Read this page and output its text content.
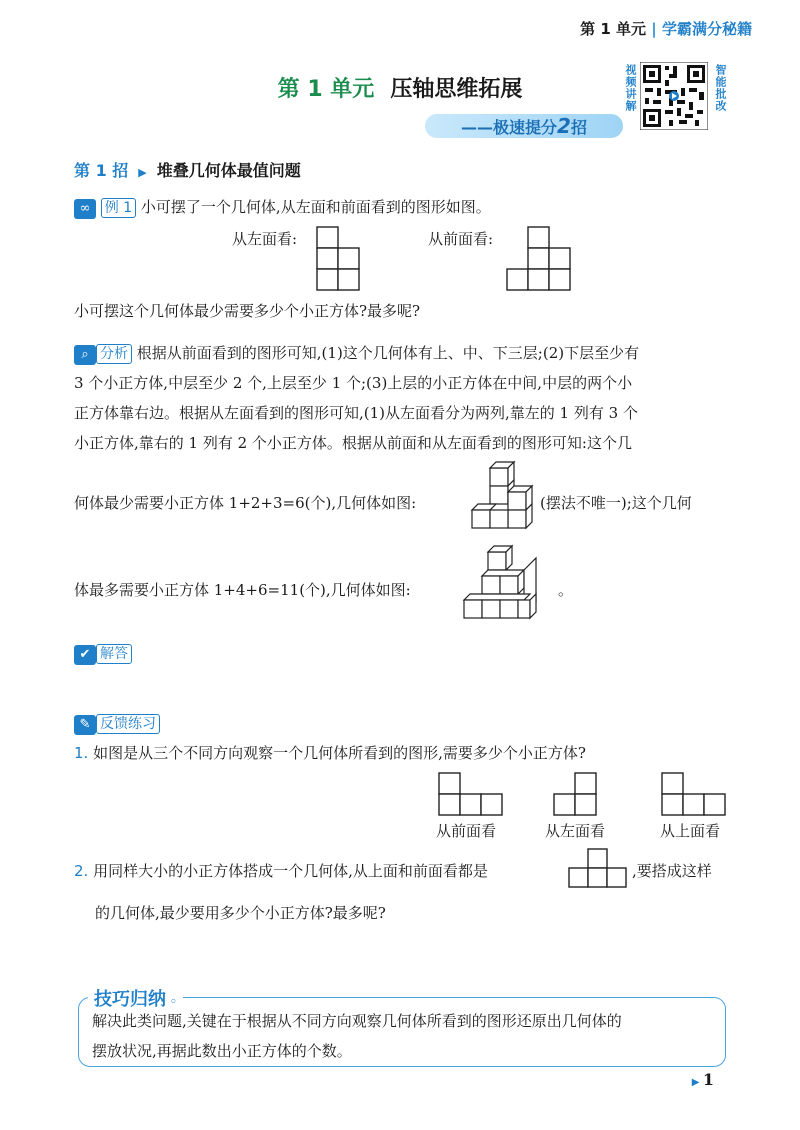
第 1 单元 | 学霸满分秘籍
第 1 单元 压轴思维拓展
——极速提分2招
视频讲解	智能批改
第 1 招 ▶ 堆叠几何体最值问题
∞ 例 1 小可摆了一个几何体,从左面和前面看到的图形如图。
从左面看:	从前面看:
小可摆这个几何体最少需要多少个小正方体?最多呢?
⌕ 分析 根据从前面看到的图形可知,(1)这个几何体有上、中、下三层;(2)下层至少有
3 个小正方体,中层至少 2 个,上层至少 1 个;(3)上层的小正方体在中间,中层的两个小
正方体靠右边。根据从左面看到的图形可知,(1)从左面看分为两列,靠左的 1 列有 3 个
小正方体,靠右的 1 列有 2 个小正方体。根据从前面和从左面看到的图形可知:这个几
何体最少需要小正方体 1+2+3=6(个),几何体如图:	(摆法不唯一);这个几何
体最多需要小正方体 1+4+6=11(个),几何体如图:	。
✔ 解答
✎ 反馈练习
1. 如图是从三个不同方向观察一个几何体所看到的图形,需要多少个小正方体?
从前面看	从左面看	从上面看
2. 用同样大小的小正方体搭成一个几何体,从上面和前面看都是	,要搭成这样
的几何体,最少要用多少个小正方体?最多呢?
技巧归纳 ◦
解决此类问题,关键在于根据从不同方向观察几何体所看到的图形还原出几何体的
摆放状况,再据此数出小正方体的个数。
▶ 1
